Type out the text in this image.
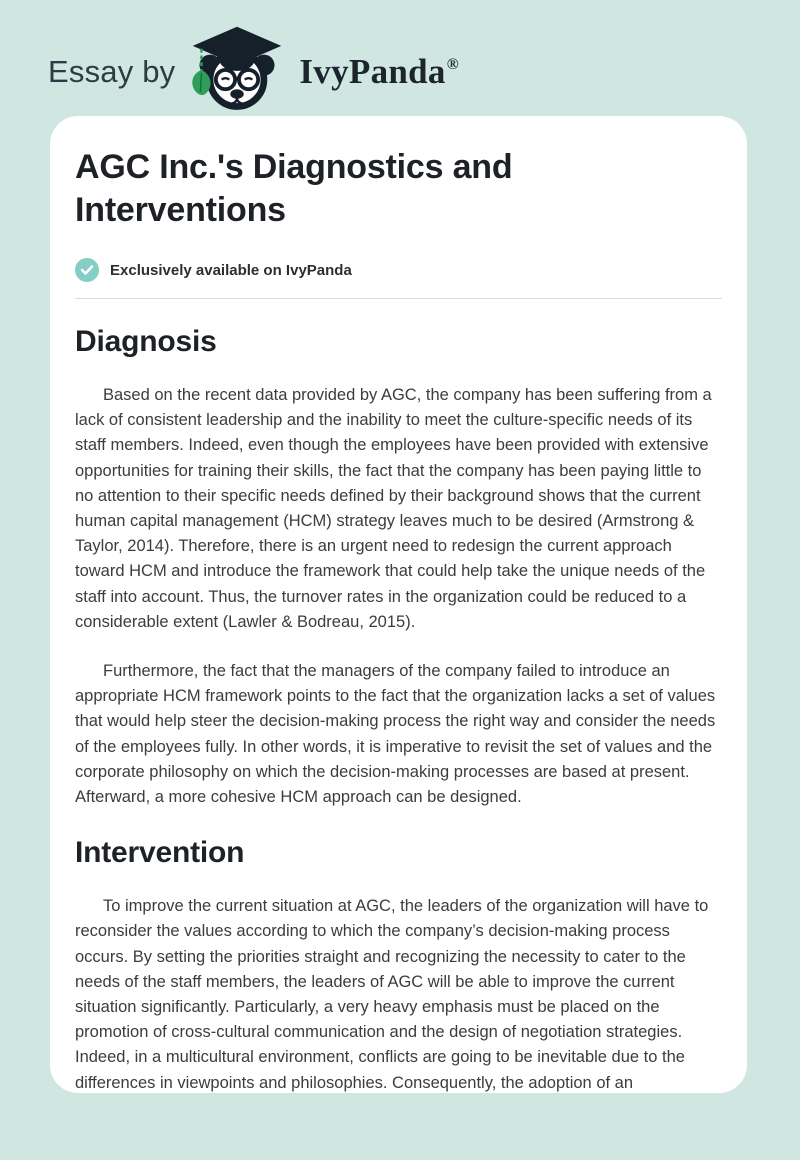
Essay by	IvyPanda®
AGC Inc.'s Diagnostics and Interventions
Exclusively available on IvyPanda
Diagnosis

Based on the recent data provided by AGC, the company has been suffering from a lack of consistent leadership and the inability to meet the culture-specific needs of its staff members. Indeed, even though the employees have been provided with extensive opportunities for training their skills, the fact that the company has been paying little to no attention to their specific needs defined by their background shows that the current human capital management (HCM) strategy leaves much to be desired (Armstrong & Taylor, 2014). Therefore, there is an urgent need to redesign the current approach toward HCM and introduce the framework that could help take the unique needs of the staff into account. Thus, the turnover rates in the organization could be reduced to a considerable extent (Lawler & Bodreau, 2015).

Furthermore, the fact that the managers of the company failed to introduce an appropriate HCM framework points to the fact that the organization lacks a set of values that would help steer the decision-making process the right way and consider the needs of the employees fully. In other words, it is imperative to revisit the set of values and the corporate philosophy on which the decision-making processes are based at present. Afterward, a more cohesive HCM approach can be designed.

Intervention

To improve the current situation at AGC, the leaders of the organization will have to reconsider the values according to which the company’s decision-making process occurs. By setting the priorities straight and recognizing the necessity to cater to the needs of the staff members, the leaders of AGC will be able to improve the current situation significantly. Particularly, a very heavy emphasis must be placed on the promotion of cross-cultural communication and the design of negotiation strategies. Indeed, in a multicultural environment, conflicts are going to be inevitable due to the differences in viewpoints and philosophies. Consequently, the adoption of an
